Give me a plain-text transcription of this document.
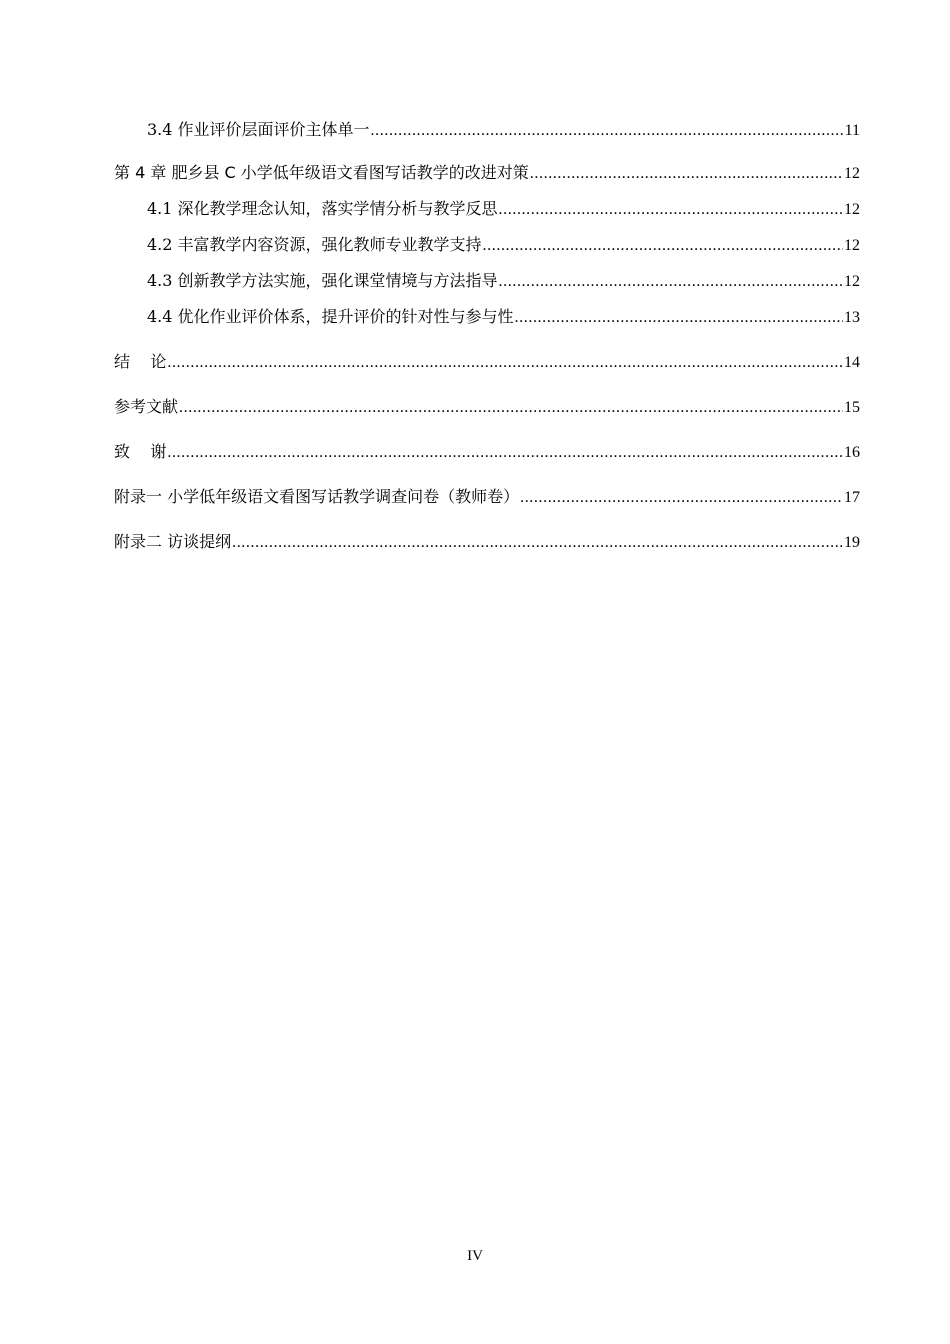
3.4 作业评价层面评价主体单一 .....	11
第 4 章 肥乡县 C 小学低年级语文看图写话教学的改进对策 .....	12
4.1 深化教学理念认知，落实学情分析与教学反思 .....	12
4.2 丰富教学内容资源，强化教师专业教学支持 .....	12
4.3 创新教学方法实施，强化课堂情境与方法指导 .....	12
4.4 优化作业评价体系，提升评价的针对性与参与性 .....	13
结    论 .....	14
参考文献 .....	15
致    谢 .....	16
附录一 小学低年级语文看图写话教学调查问卷（教师卷） .....	17
附录二 访谈提纲 .....	19
IV
